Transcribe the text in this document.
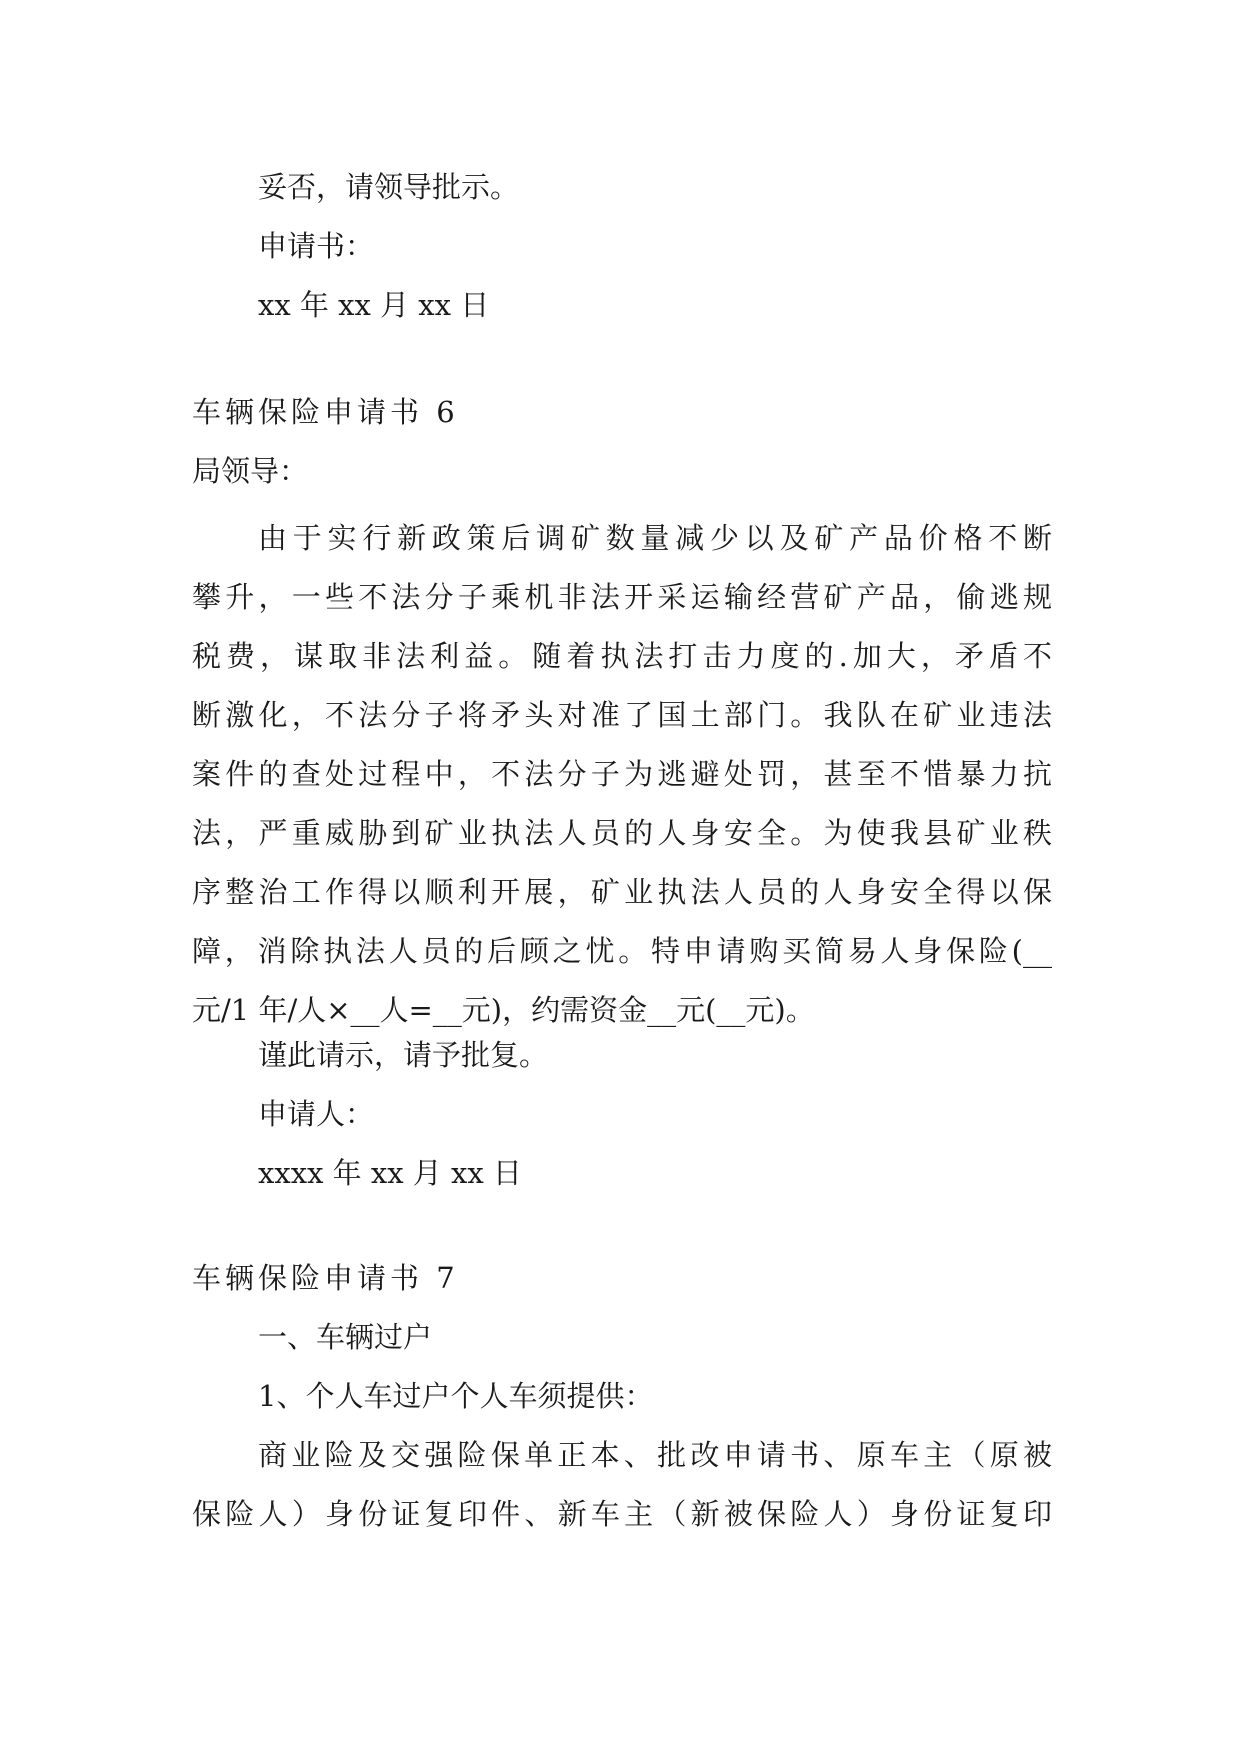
妥否，请领导批示。
申请书：
xx 年 xx 月 xx 日
车辆保险申请书 6
局领导：
由于实行新政策后调矿数量减少以及矿产品价格不断
攀升，一些不法分子乘机非法开采运输经营矿产品，偷逃规
税费，谋取非法利益。随着执法打击力度的.加大，矛盾不
断激化，不法分子将矛头对准了国土部门。我队在矿业违法
案件的查处过程中，不法分子为逃避处罚，甚至不惜暴力抗
法，严重威胁到矿业执法人员的人身安全。为使我县矿业秩
序整治工作得以顺利开展，矿业执法人员的人身安全得以保
障，消除执法人员的后顾之忧。特申请购买简易人身保险(__
元/1 年/人×__人=__元)，约需资金__元(__元)。
谨此请示，请予批复。
申请人：
xxxx 年 xx 月 xx 日
车辆保险申请书 7
一、车辆过户
1、个人车过户个人车须提供：
商业险及交强险保单正本、批改申请书、原车主（原被
保险人）身份证复印件、新车主（新被保险人）身份证复印
